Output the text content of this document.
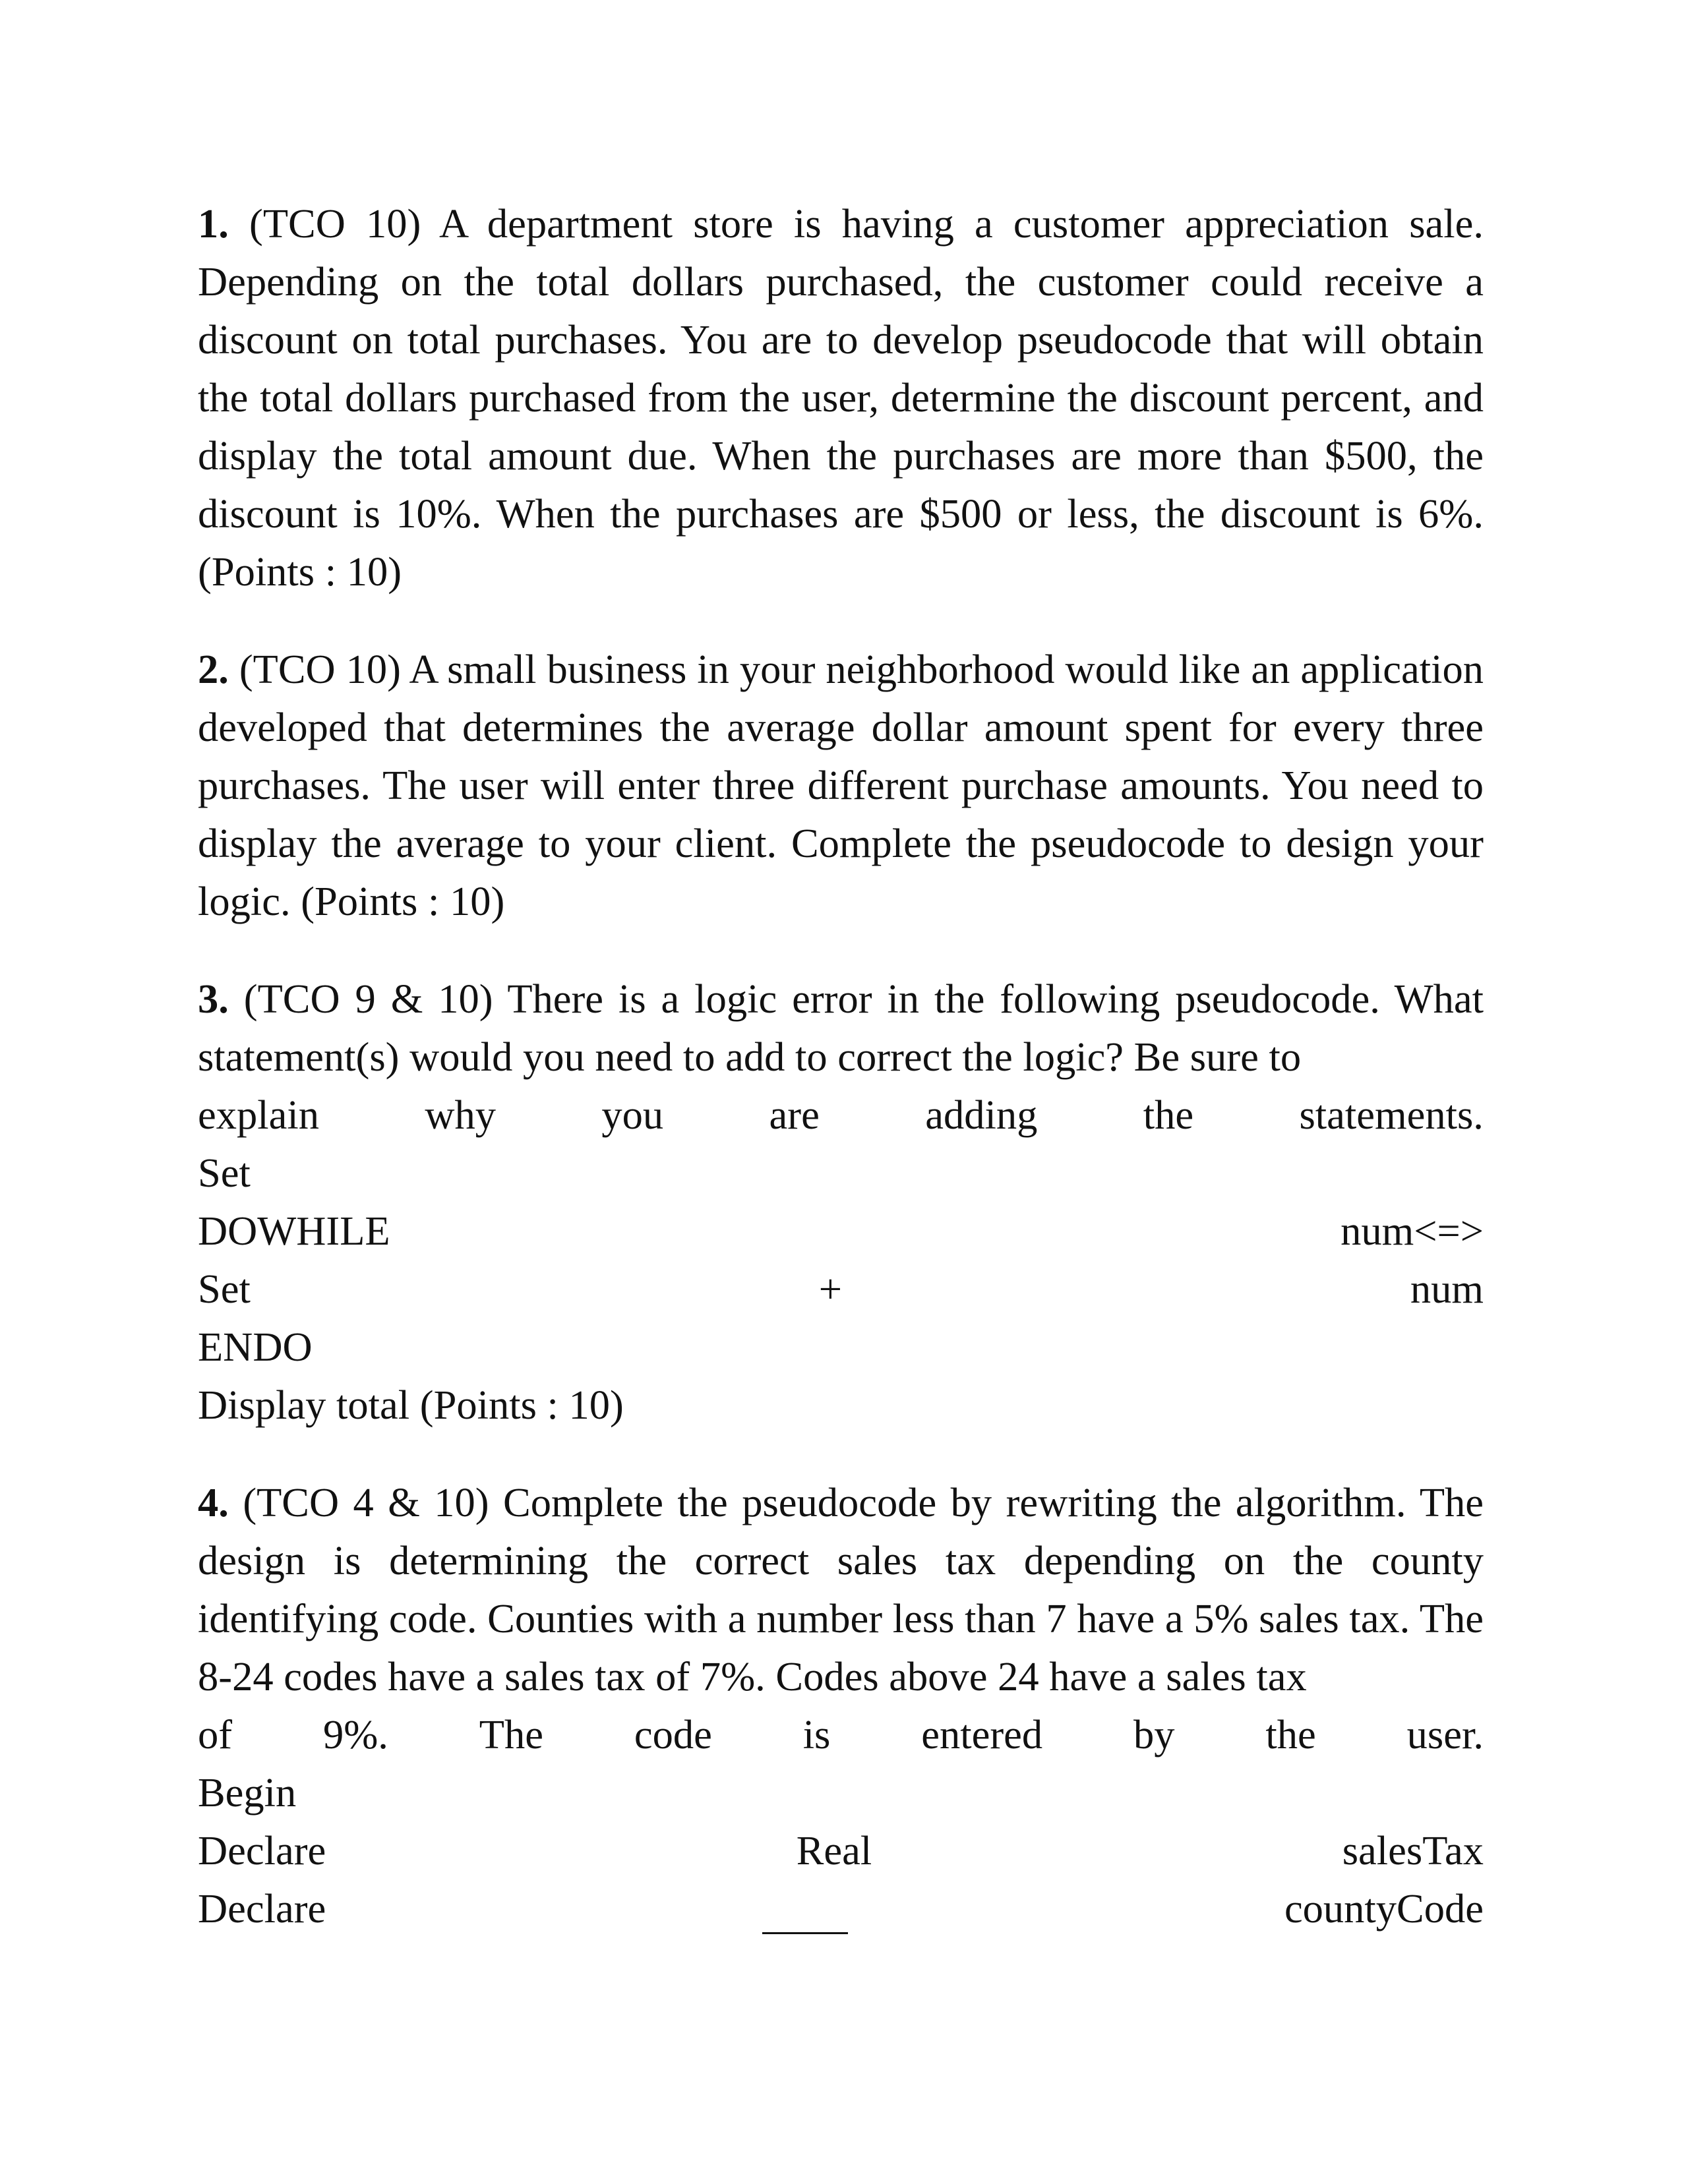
1. (TCO 10) A department store is having a customer appreciation sale. Depending on the total dollars purchased, the customer could receive a discount on total purchases. You are to develop pseudocode that will obtain the total dollars purchased from the user, determine the discount percent, and display the total amount due. When the purchases are more than $500, the discount is 10%. When the purchases are $500 or less, the discount is 6%. (Points : 10)

2. (TCO 10) A small business in your neighborhood would like an application developed that determines the average dollar amount spent for every three purchases. The user will enter three different purchase amounts. You need to display the average to your client. Complete the pseudocode to design your logic. (Points : 10)

3. (TCO 9 & 10) There is a logic error in the following pseudocode. What statement(s) would you need to add to correct the logic? Be sure to

explain	why	you	are	adding	the	statements.
Set
DOWHILE	num<=>
Set	+	num
ENDO
Display total (Points : 10)

4. (TCO 4 & 10) Complete the pseudocode by rewriting the algorithm. The design is determining the correct sales tax depending on the county identifying code. Counties with a number less than 7 have a 5% sales tax. The 8-24 codes have a sales tax of 7%. Codes above 24 have a sales tax

of 9%. The code is entered by the user.
Begin
Declare	Real	salesTax
Declare	countyCode
